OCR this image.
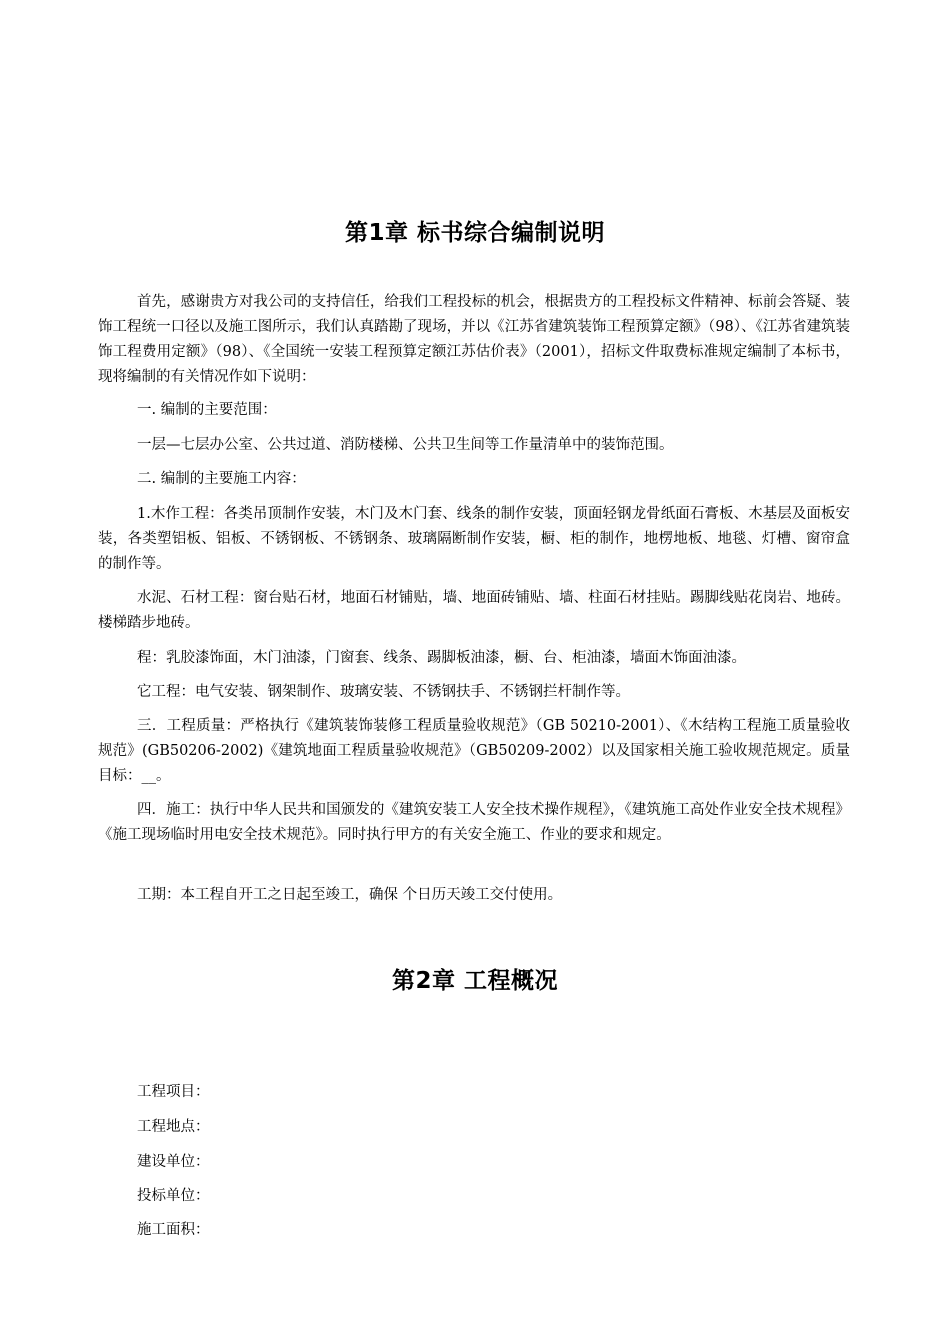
第1章 标书综合编制说明

首先，感谢贵方对我公司的支持信任，给我们工程投标的机会，根据贵方的工程投标文件精神、标前会答疑、装饰工程统一口径以及施工图所示，我们认真踏勘了现场，并以《江苏省建筑装饰工程预算定额》（98）、《江苏省建筑装饰工程费用定额》（98）、《全国统一安装工程预算定额江苏估价表》（2001），招标文件取费标准规定编制了本标书，现将编制的有关情况作如下说明：

一. 编制的主要范围：

一层—七层办公室、公共过道、消防楼梯、公共卫生间等工作量清单中的装饰范围。

二. 编制的主要施工内容：

1.木作工程：各类吊顶制作安装，木门及木门套、线条的制作安装，顶面轻钢龙骨纸面石膏板、木基层及面板安装，各类塑铝板、铝板、不锈钢板、不锈钢条、玻璃隔断制作安装，橱、柜的制作，地楞地板、地毯、灯槽、窗帘盒的制作等。

水泥、石材工程：窗台贴石材，地面石材铺贴，墙、地面砖铺贴、墙、柱面石材挂贴。踢脚线贴花岗岩、地砖。楼梯踏步地砖。

程：乳胶漆饰面，木门油漆，门窗套、线条、踢脚板油漆，橱、台、柜油漆，墙面木饰面油漆。

它工程：电气安装、钢架制作、玻璃安装、不锈钢扶手、不锈钢拦杆制作等。

三．工程质量：严格执行《建筑装饰装修工程质量验收规范》（GB 50210-2001）、《木结构工程施工质量验收规范》(GB50206-2002)《建筑地面工程质量验收规范》（GB50209-2002）以及国家相关施工验收规范规定。质量目标：__。

四．施工：执行中华人民共和国颁发的《建筑安装工人安全技术操作规程》，《建筑施工高处作业安全技术规程》《施工现场临时用电安全技术规范》。同时执行甲方的有关安全施工、作业的要求和规定。

工期：本工程自开工之日起至竣工，确保 个日历天竣工交付使用。

第2章 工程概况

工程项目：

工程地点：

建设单位：

投标单位：

施工面积：
